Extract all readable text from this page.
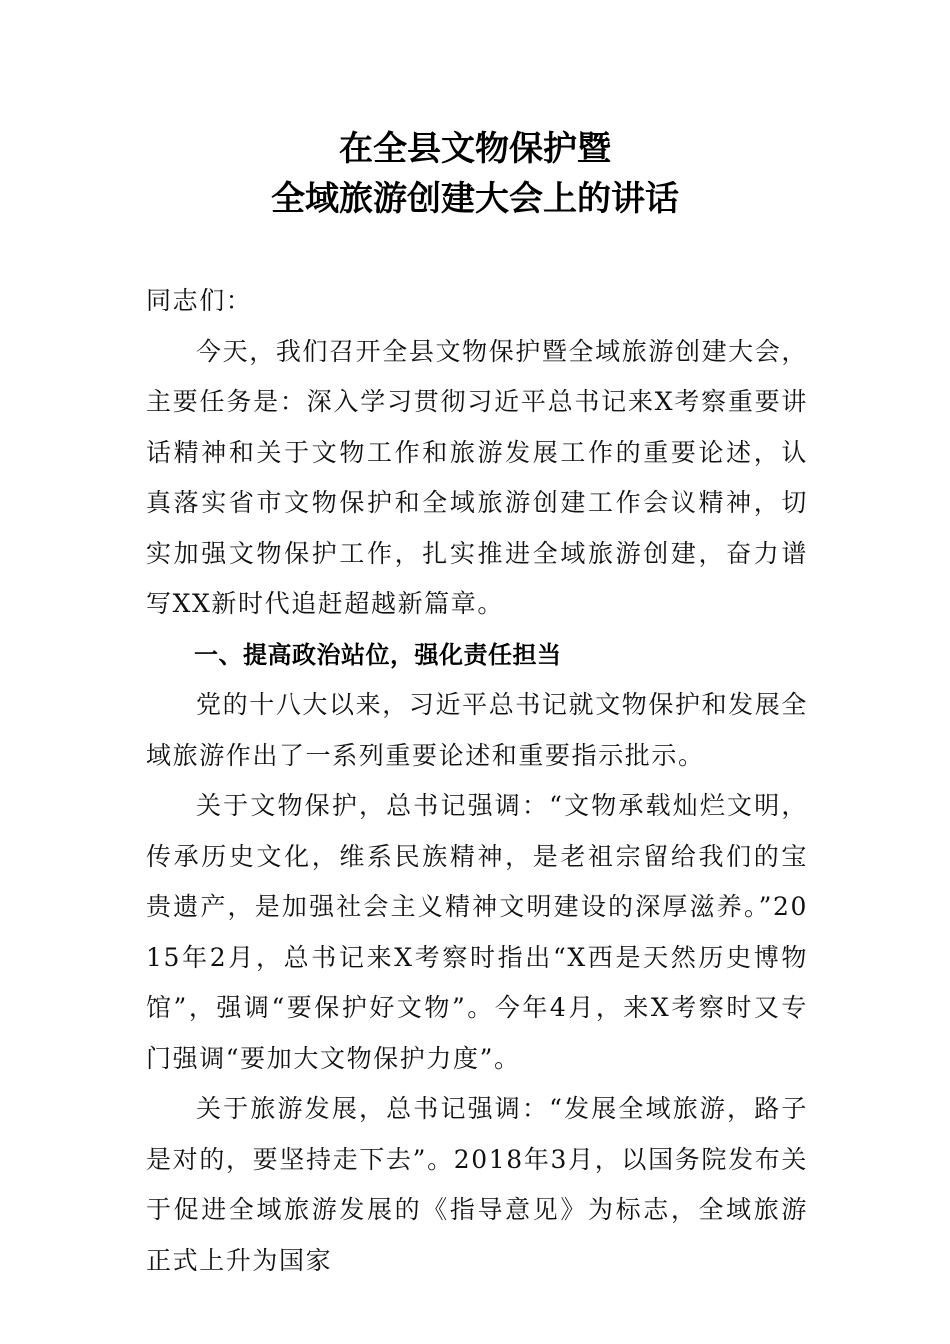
在全县文物保护暨
全域旅游创建大会上的讲话

同志们：

今天，我们召开全县文物保护暨全域旅游创建大会，主要任务是：深入学习贯彻习近平总书记来X考察重要讲话精神和关于文物工作和旅游发展工作的重要论述，认真落实省市文物保护和全域旅游创建工作会议精神，切实加强文物保护工作，扎实推进全域旅游创建，奋力谱写XX新时代追赶超越新篇章。

一、提高政治站位，强化责任担当

党的十八大以来，习近平总书记就文物保护和发展全域旅游作出了一系列重要论述和重要指示批示。

关于文物保护，总书记强调：“文物承载灿烂文明，传承历史文化，维系民族精神，是老祖宗留给我们的宝贵遗产，是加强社会主义精神文明建设的深厚滋养。”2015年2月，总书记来X考察时指出“X西是天然历史博物馆”，强调“要保护好文物”。今年4月，来X考察时又专门强调“要加大文物保护力度”。

关于旅游发展，总书记强调：“发展全域旅游，路子是对的，要坚持走下去”。2018年3月，以国务院发布关于促进全域旅游发展的《指导意见》为标志，全域旅游正式上升为国家
